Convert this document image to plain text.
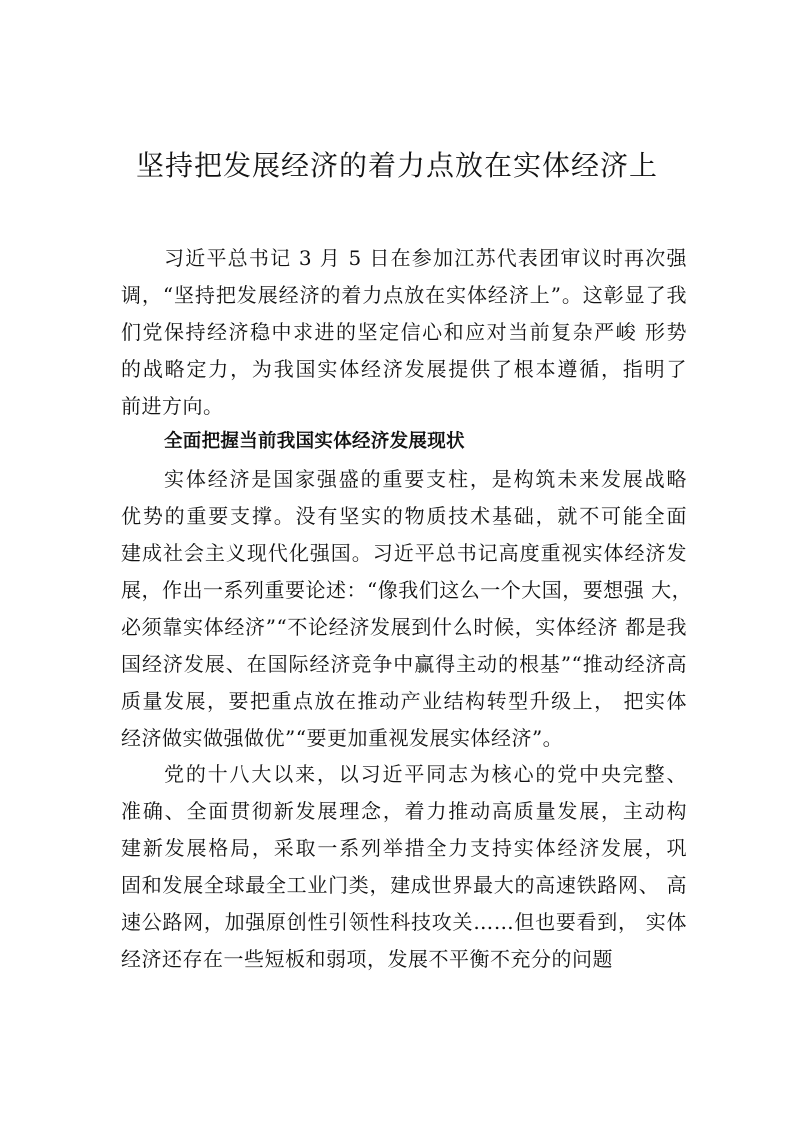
坚持把发展经济的着力点放在实体经济上
习近平总书记 3 月 5 日在参加江苏代表团审议时再次强
调，“坚持把发展经济的着力点放在实体经济上”。这彰显了我
们党保持经济稳中求进的坚定信心和应对当前复杂严峻 形势
的战略定力，为我国实体经济发展提供了根本遵循，指明了
前进方向。
全面把握当前我国实体经济发展现状
实体经济是国家强盛的重要支柱，是构筑未来发展战略
优势的重要支撑。没有坚实的物质技术基础，就不可能全面
建成社会主义现代化强国。习近平总书记高度重视实体经济发
展，作出一系列重要论述：“像我们这么一个大国，要想强 大，
必须靠实体经济”“不论经济发展到什么时候，实体经济 都是我
国经济发展、在国际经济竞争中赢得主动的根基”“推动经济高
质量发展，要把重点放在推动产业结构转型升级上， 把实体
经济做实做强做优”“要更加重视发展实体经济”。
党的十八大以来，以习近平同志为核心的党中央完整、
准确、全面贯彻新发展理念，着力推动高质量发展，主动构
建新发展格局，采取一系列举措全力支持实体经济发展，巩
固和发展全球最全工业门类，建成世界最大的高速铁路网、 高
速公路网，加强原创性引领性科技攻关……但也要看到， 实体
经济还存在一些短板和弱项，发展不平衡不充分的问题
